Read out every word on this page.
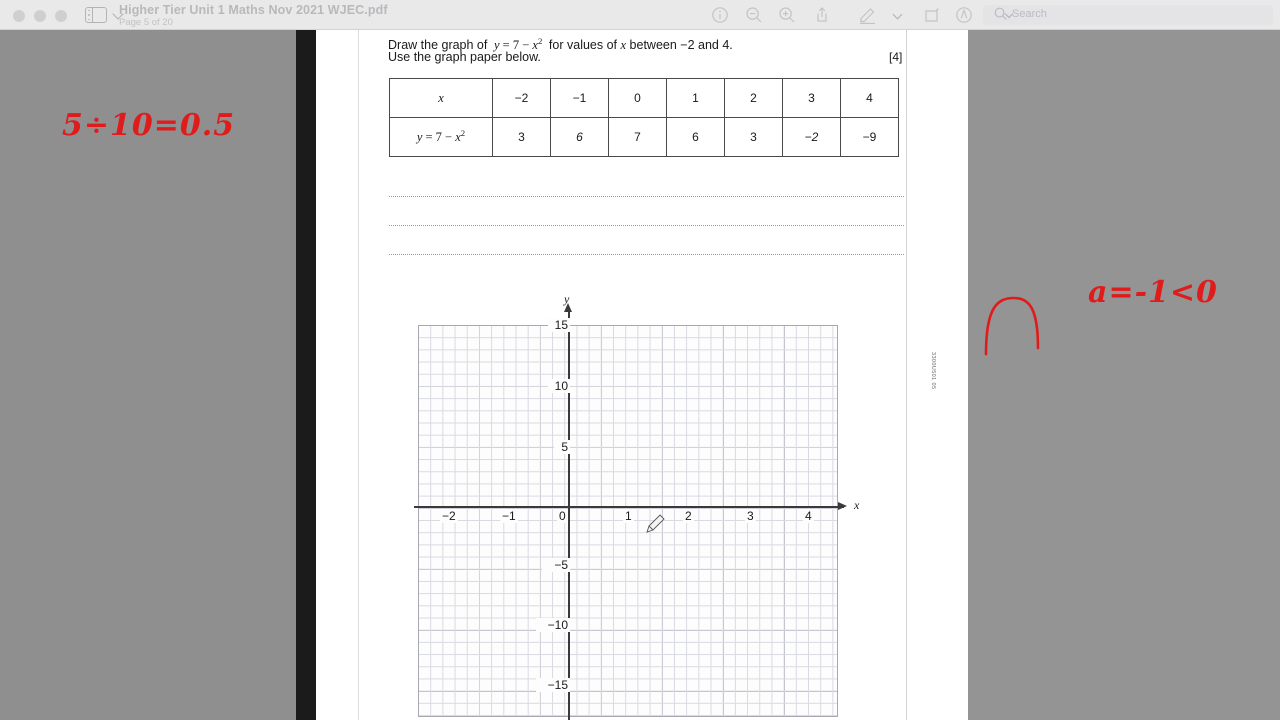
Higher Tier Unit 1 Maths Nov 2021 WJEC.pdf
Page 5 of 20
Search
Draw the graph of $y = 7 - x^2$  for values of x between −2 and 4.
Use the graph paper below.	[4]
x	−2	−1	0	1	2	3	4
$y = 7 - x^2$	3	6	7	6	3	−2	−9
y
x
15
10
5
−5
−10
−15
−2	−1	0	1	2	3	4
3300U501 05
5÷10=0.5
a=-1<0
